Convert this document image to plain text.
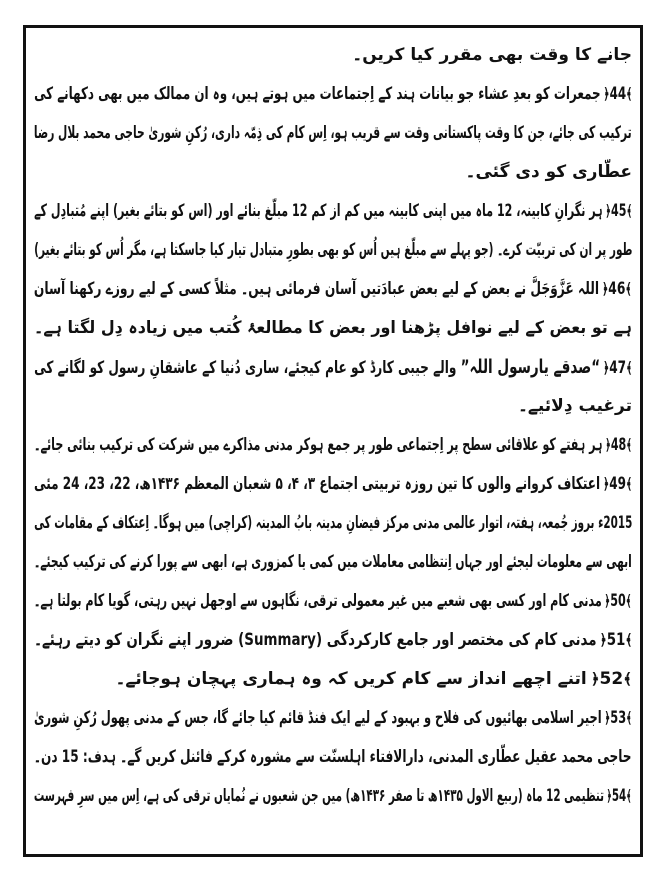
جانے کا وقت بھی مقرر کیا کریں۔
﴾44﴿جمعرات کو بعدِ عشاء جو بیانات ہند کے اِجتماعات میں ہوتے ہیں، وہ ان ممالک میں بھی دکھانے کی
ترکیب کی جائے، جن کا وقت پاکستانی وقت سے قریب ہو، اِس کام کی ذِمّہ داری، رُکنِ شوریٰ حاجی محمد بلال رضا
عطّاری کو دی گئی۔
﴾45﴿ہر نگرانِ کابینہ، 12 ماہ میں اپنی کابینہ میں کم از کم 12 مبلّغ بنائے اور (اس کو بتائے بغیر) اپنے مُتبادِل کے
طور پر ان کی تربیّت کرے۔ (جو پہلے سے مبلّغ ہیں اُس کو بھی بطورِ متبادل تیار کیا جاسکتا ہے، مگر اُس کو بتائے بغیر)
﴾46﴿اللہ عَزَّوَجَلَّ نے بعض کے لیے بعض عبادَتیں آسان فرمائی ہیں۔ مثلاً کسی کے لیے روزے رکھنا آسان
ہے تو بعض کے لیے نوافل پڑھنا اور بعض کا مطالعۂ کُتب میں زیادہ دِل لگتا ہے۔
﴾47﴿“صدقے یارسول اللہ” والے جیبی کارڈ کو عام کیجئے، ساری دُنیا کے عاشقانِ رسول کو لگانے کی
ترغیب دِلائیے۔
﴾48﴿ہر ہفتے کو علاقائی سطح پر اِجتماعی طور پر جمع ہوکر مدنی مذاکرے میں شرکت کی ترکیب بنائی جائے۔
﴾49﴿اعتکاف کروانے والوں کا تین روزہ تربیتی اجتماع ۳، ۴، ۵ شعبان المعظم ۱۴۳۶ھ، 22، 23، 24 مئی
2015ء بروز جُمعہ، ہفتہ، اتوار عالمی مدنی مرکز فیضانِ مدینہ بابُ المدینہ (کراچی) میں ہوگا۔ اِعتکاف کے مقامات کی
ابھی سے معلومات لیجئے اور جہاں اِنتظامی معاملات میں کمی یا کمزوری ہے، ابھی سے پورا کرنے کی ترکیب کیجئے۔
﴾50﴿مدنی کام اور کسی بھی شعبے میں غیر معمولی ترقی، نگاہوں سے اوجھل نہیں رہتی، گویا کام بولتا ہے۔
﴾51﴿مدنی کام کی مختصر اور جامع کارکردگی (Summary) ضرور اپنے نگران کو دیتے رہئے۔
﴾52﴿اتنے اچھے انداز سے کام کریں کہ وہ ہماری پہچان ہوجائے۔
﴾53﴿اجیر اسلامی بھائیوں کی فلاح و بہبود کے لیے ایک فنڈ قائم کیا جائے گا، جس کے مدنی پھول رُکنِ شوریٰ
حاجی محمد عقیل عطّاری المدنی، دارالافتاء اہلسنّت سے مشورہ کرکے فائنل کریں گے۔ ہدف: 15 دن۔
﴾54﴿تنظیمی 12 ماہ (ربیع الاول ۱۴۳۵ھ تا صفر ۱۴۳۶ھ) میں جن شعبوں نے نُمایاں ترقی کی ہے، اِس میں سرِ فہرست
